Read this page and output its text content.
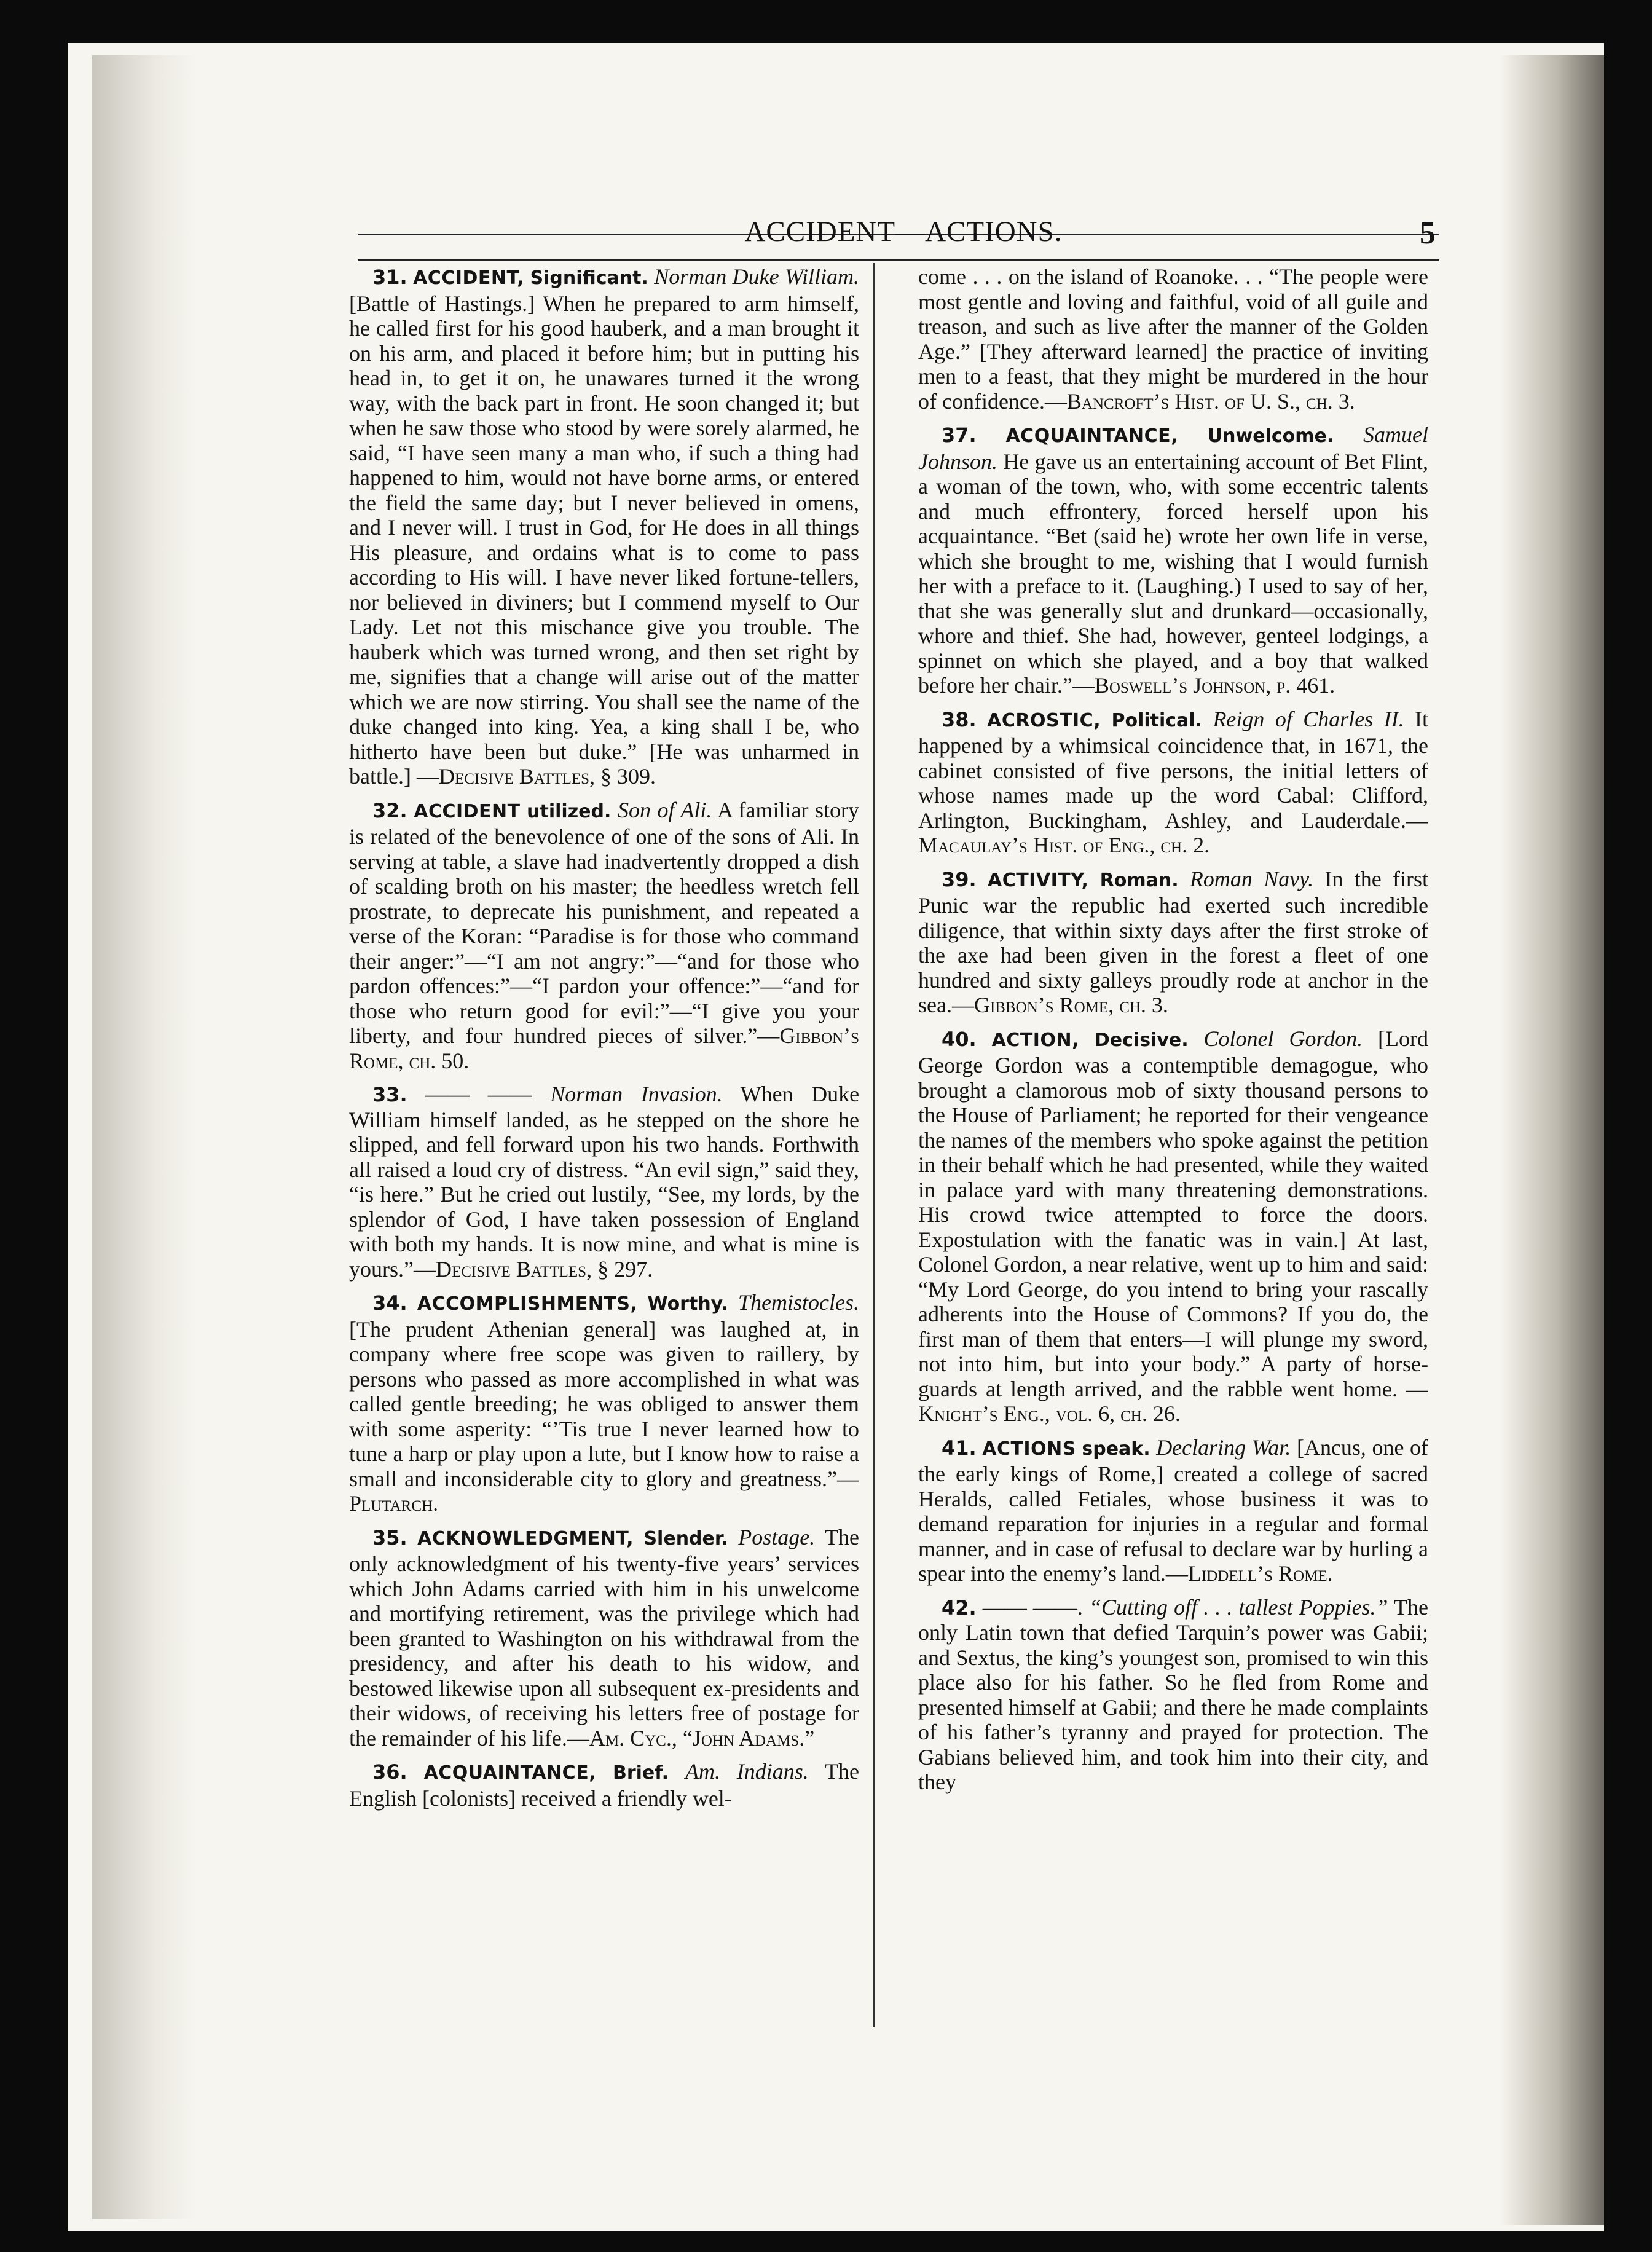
ACCIDENT—ACTIONS.	5

31. ACCIDENT, Significant. Norman Duke William. [Battle of Hastings.] When he prepared to arm himself, he called first for his good hauberk, and a man brought it on his arm, and placed it before him; but in putting his head in, to get it on, he unawares turned it the wrong way, with the back part in front. He soon changed it; but when he saw those who stood by were sorely alarmed, he said, “I have seen many a man who, if such a thing had happened to him, would not have borne arms, or entered the field the same day; but I never believed in omens, and I never will. I trust in God, for He does in all things His pleasure, and ordains what is to come to pass according to His will. I have never liked fortune-tellers, nor believed in diviners; but I commend myself to Our Lady. Let not this mischance give you trouble. The hauberk which was turned wrong, and then set right by me, signifies that a change will arise out of the matter which we are now stirring. You shall see the name of the duke changed into king. Yea, a king shall I be, who hitherto have been but duke.” [He was unharmed in battle.] —Decisive Battles, § 309.

32. ACCIDENT utilized. Son of Ali. A familiar story is related of the benevolence of one of the sons of Ali. In serving at table, a slave had inadvertently dropped a dish of scalding broth on his master; the heedless wretch fell prostrate, to deprecate his punishment, and repeated a verse of the Koran: “Paradise is for those who command their anger:”—“I am not angry:”—“and for those who pardon offences:”—“I pardon your offence:”—“and for those who return good for evil:”—“I give you your liberty, and four hundred pieces of silver.”—Gibbon’s Rome, ch. 50.

33. —— —— Norman Invasion. When Duke William himself landed, as he stepped on the shore he slipped, and fell forward upon his two hands. Forthwith all raised a loud cry of distress. “An evil sign,” said they, “is here.” But he cried out lustily, “See, my lords, by the splendor of God, I have taken possession of England with both my hands. It is now mine, and what is mine is yours.”—Decisive Battles, § 297.

34. ACCOMPLISHMENTS, Worthy. Themistocles. [The prudent Athenian general] was laughed at, in company where free scope was given to raillery, by persons who passed as more accomplished in what was called gentle breeding; he was obliged to answer them with some asperity: “’Tis true I never learned how to tune a harp or play upon a lute, but I know how to raise a small and inconsiderable city to glory and greatness.”—Plutarch.

35. ACKNOWLEDGMENT, Slender. Postage. The only acknowledgment of his twenty-five years’ services which John Adams carried with him in his unwelcome and mortifying retirement, was the privilege which had been granted to Washington on his withdrawal from the presidency, and after his death to his widow, and bestowed likewise upon all subsequent ex-presidents and their widows, of receiving his letters free of postage for the remainder of his life.—Am. Cyc., “John Adams.”

36. ACQUAINTANCE, Brief. Am. Indians. The English [colonists] received a friendly wel-

come . . . on the island of Roanoke. . . “The people were most gentle and loving and faithful, void of all guile and treason, and such as live after the manner of the Golden Age.” [They afterward learned] the practice of inviting men to a feast, that they might be murdered in the hour of confidence.—Bancroft’s Hist. of U. S., ch. 3.

37. ACQUAINTANCE, Unwelcome. Samuel Johnson. He gave us an entertaining account of Bet Flint, a woman of the town, who, with some eccentric talents and much effrontery, forced herself upon his acquaintance. “Bet (said he) wrote her own life in verse, which she brought to me, wishing that I would furnish her with a preface to it. (Laughing.) I used to say of her, that she was generally slut and drunkard—occasionally, whore and thief. She had, however, genteel lodgings, a spinnet on which she played, and a boy that walked before her chair.”—Boswell’s Johnson, p. 461.

38. ACROSTIC, Political. Reign of Charles II. It happened by a whimsical coincidence that, in 1671, the cabinet consisted of five persons, the initial letters of whose names made up the word Cabal: Clifford, Arlington, Buckingham, Ashley, and Lauderdale.—Macaulay’s Hist. of Eng., ch. 2.

39. ACTIVITY, Roman. Roman Navy. In the first Punic war the republic had exerted such incredible diligence, that within sixty days after the first stroke of the axe had been given in the forest a fleet of one hundred and sixty galleys proudly rode at anchor in the sea.—Gibbon’s Rome, ch. 3.

40. ACTION, Decisive. Colonel Gordon. [Lord George Gordon was a contemptible demagogue, who brought a clamorous mob of sixty thousand persons to the House of Parliament; he reported for their vengeance the names of the members who spoke against the petition in their behalf which he had presented, while they waited in palace yard with many threatening demonstrations. His crowd twice attempted to force the doors. Expostulation with the fanatic was in vain.] At last, Colonel Gordon, a near relative, went up to him and said: “My Lord George, do you intend to bring your rascally adherents into the House of Commons? If you do, the first man of them that enters—I will plunge my sword, not into him, but into your body.” A party of horse-guards at length arrived, and the rabble went home. —Knight’s Eng., vol. 6, ch. 26.

41. ACTIONS speak. Declaring War. [Ancus, one of the early kings of Rome,] created a college of sacred Heralds, called Fetiales, whose business it was to demand reparation for injuries in a regular and formal manner, and in case of refusal to declare war by hurling a spear into the enemy’s land.—Liddell’s Rome.

42. —— ——. “Cutting off . . . tallest Poppies.” The only Latin town that defied Tarquin’s power was Gabii; and Sextus, the king’s youngest son, promised to win this place also for his father. So he fled from Rome and presented himself at Gabii; and there he made complaints of his father’s tyranny and prayed for protection. The Gabians believed him, and took him into their city, and they
